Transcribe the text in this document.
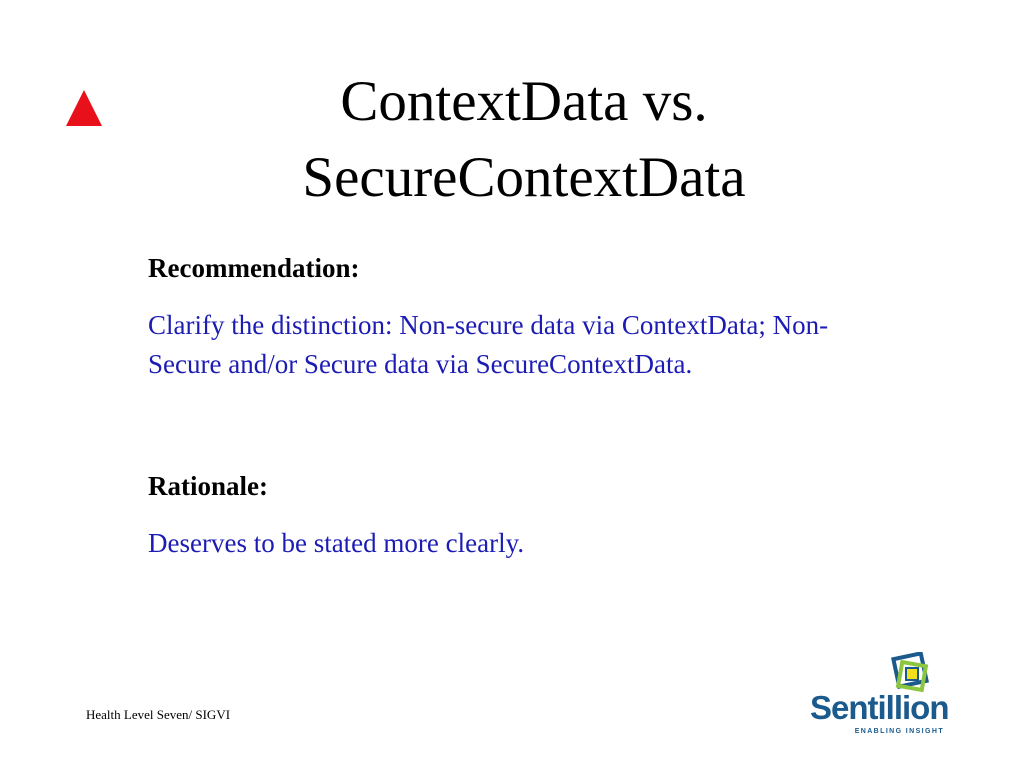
ContextData vs.
SecureContextData

Recommendation:

Clarify the distinction: Non-secure data via ContextData; Non-Secure and/or Secure data via SecureContextData.

Rationale:

Deserves to be stated more clearly.

Health Level Seven/ SIGVI	Sentillion

ENABLING INSIGHT
